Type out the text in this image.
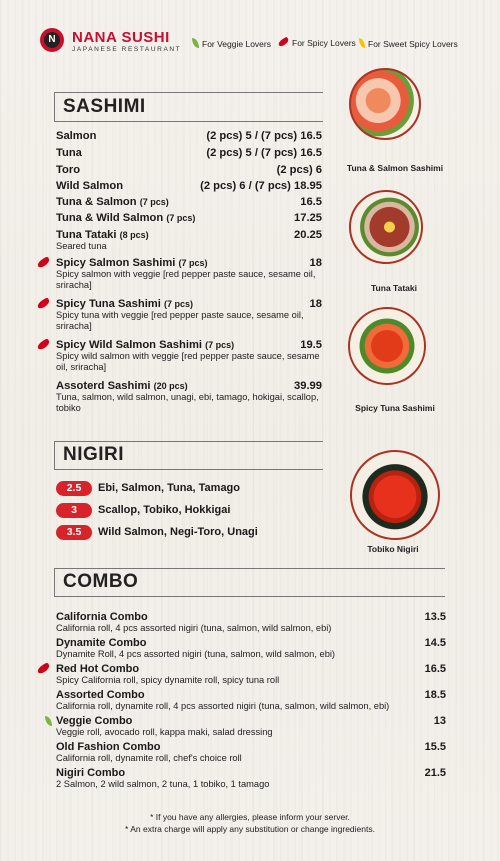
N NANA SUSHI
JAPANESE RESTAURANT
For Veggie Lovers	For Spicy Lovers	For Sweet Spicy Lovers
SASHIMI
Salmon	(2 pcs) 5 / (7 pcs) 16.5
Tuna	(2 pcs) 5 / (7 pcs) 16.5
Toro	(2 pcs) 6
Wild Salmon	(2 pcs) 6 / (7 pcs) 18.95
Tuna & Salmon (7 pcs)	16.5
Tuna & Wild Salmon (7 pcs)	17.25
Tuna Tataki (8 pcs)	20.25
Seared tuna
Spicy Salmon Sashimi (7 pcs)	18
Spicy salmon with veggie [red pepper paste sauce, sesame oil, sriracha]
Spicy Tuna Sashimi (7 pcs)	18
Spicy tuna with veggie [red pepper paste sauce, sesame oil, sriracha]
Spicy Wild Salmon Sashimi (7 pcs)	19.5
Spicy wild salmon with veggie [red pepper paste sauce, sesame oil, sriracha]
Assoterd Sashimi (20 pcs)	39.99
Tuna, salmon, wild salmon, unagi, ebi, tamago, hokigai, scallop, tobiko
Tuna & Salmon Sashimi
Tuna Tataki
Spicy Tuna Sashimi
NIGIRI
2.5	Ebi, Salmon, Tuna, Tamago
3	Scallop, Tobiko, Hokkigai
3.5	Wild Salmon, Negi-Toro, Unagi
Tobiko Nigiri
COMBO
California Combo	13.5
California roll, 4 pcs assorted nigiri (tuna, salmon, wild salmon, ebi)
Dynamite Combo	14.5
Dynamite Roll, 4 pcs assorted nigiri (tuna, salmon, wild salmon, ebi)
Red Hot Combo	16.5
Spicy California roll, spicy dynamite roll, spicy tuna roll
Assorted Combo	18.5
California roll, dynamite roll, 4 pcs assorted nigiri (tuna, salmon, wild salmon, ebi)
Veggie Combo	13
Veggie roll, avocado roll, kappa maki, salad dressing
Old Fashion Combo	15.5
California roll, dynamite roll, chef's choice roll
Nigiri Combo	21.5
2 Salmon, 2 wild salmon, 2 tuna, 1 tobiko, 1 tamago
* If you have any allergies, please inform your server.
* An extra charge will apply any substitution or change ingredients.
